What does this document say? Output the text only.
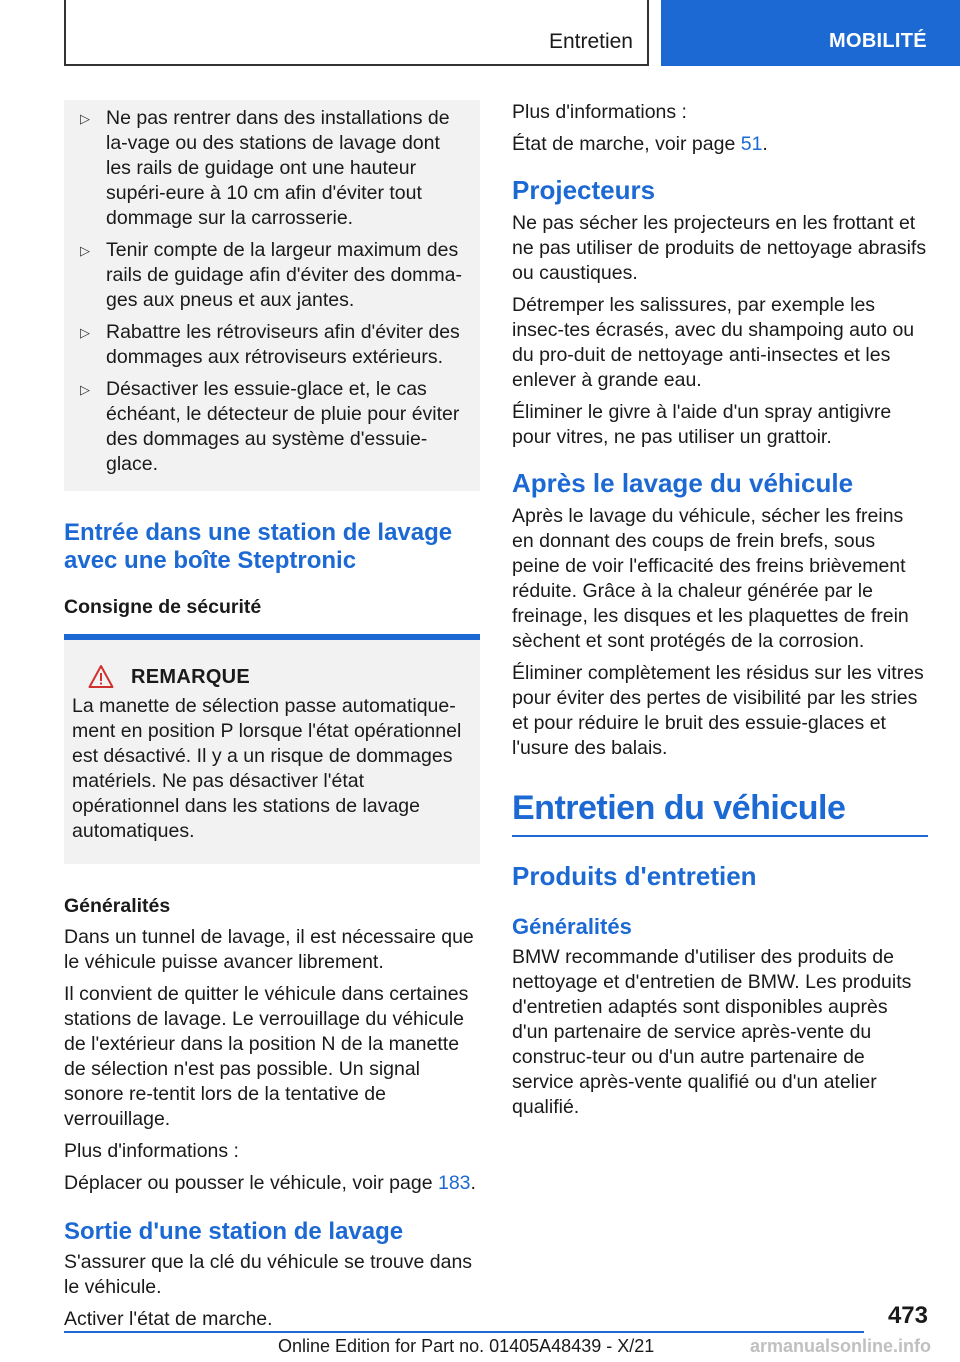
Entretien	MOBILITÉ
▷ Ne pas rentrer dans des installations de la-vage ou des stations de lavage dont les rails de guidage ont une hauteur supéri-eure à 10 cm afin d'éviter tout dommage sur la carrosserie.
▷ Tenir compte de la largeur maximum des rails de guidage afin d'éviter des domma-ges aux pneus et aux jantes.
▷ Rabattre les rétroviseurs afin d'éviter des dommages aux rétroviseurs extérieurs.
▷ Désactiver les essuie-glace et, le cas échéant, le détecteur de pluie pour éviter des dommages au système d'essuie-glace.
Entrée dans une station de lavage avec une boîte Steptronic
Consigne de sécurité
REMARQUE

La manette de sélection passe automatique-ment en position P lorsque l'état opérationnel est désactivé. Il y a un risque de dommages matériels. Ne pas désactiver l'état opérationnel dans les stations de lavage automatiques.

Généralités

Dans un tunnel de lavage, il est nécessaire que le véhicule puisse avancer librement.

Il convient de quitter le véhicule dans certaines stations de lavage. Le verrouillage du véhicule de l'extérieur dans la position N de la manette de sélection n'est pas possible. Un signal sonore re-tentit lors de la tentative de verrouillage.

Plus d'informations :

Déplacer ou pousser le véhicule, voir page 183.

Sortie d'une station de lavage

S'assurer que la clé du véhicule se trouve dans le véhicule.

Activer l'état de marche.

Plus d'informations :

État de marche, voir page 51.

Projecteurs

Ne pas sécher les projecteurs en les frottant et ne pas utiliser de produits de nettoyage abrasifs ou caustiques.

Détremper les salissures, par exemple les insec-tes écrasés, avec du shampoing auto ou du pro-duit de nettoyage anti-insectes et les enlever à grande eau.

Éliminer le givre à l'aide d'un spray antigivre pour vitres, ne pas utiliser un grattoir.

Après le lavage du véhicule

Après le lavage du véhicule, sécher les freins en donnant des coups de frein brefs, sous peine de voir l'efficacité des freins brièvement réduite. Grâce à la chaleur générée par le freinage, les disques et les plaquettes de frein sèchent et sont protégés de la corrosion.

Éliminer complètement les résidus sur les vitres pour éviter des pertes de visibilité par les stries et pour réduire le bruit des essuie-glaces et l'usure des balais.

Entretien du véhicule
Produits d'entretien
Généralités

BMW recommande d'utiliser des produits de nettoyage et d'entretien de BMW. Les produits d'entretien adaptés sont disponibles auprès d'un partenaire de service après-vente du construc-teur ou d'un autre partenaire de service après-vente qualifié ou d'un atelier qualifié.

473
Online Edition for Part no. 01405A48439 - X/21	armanualsonline.info
